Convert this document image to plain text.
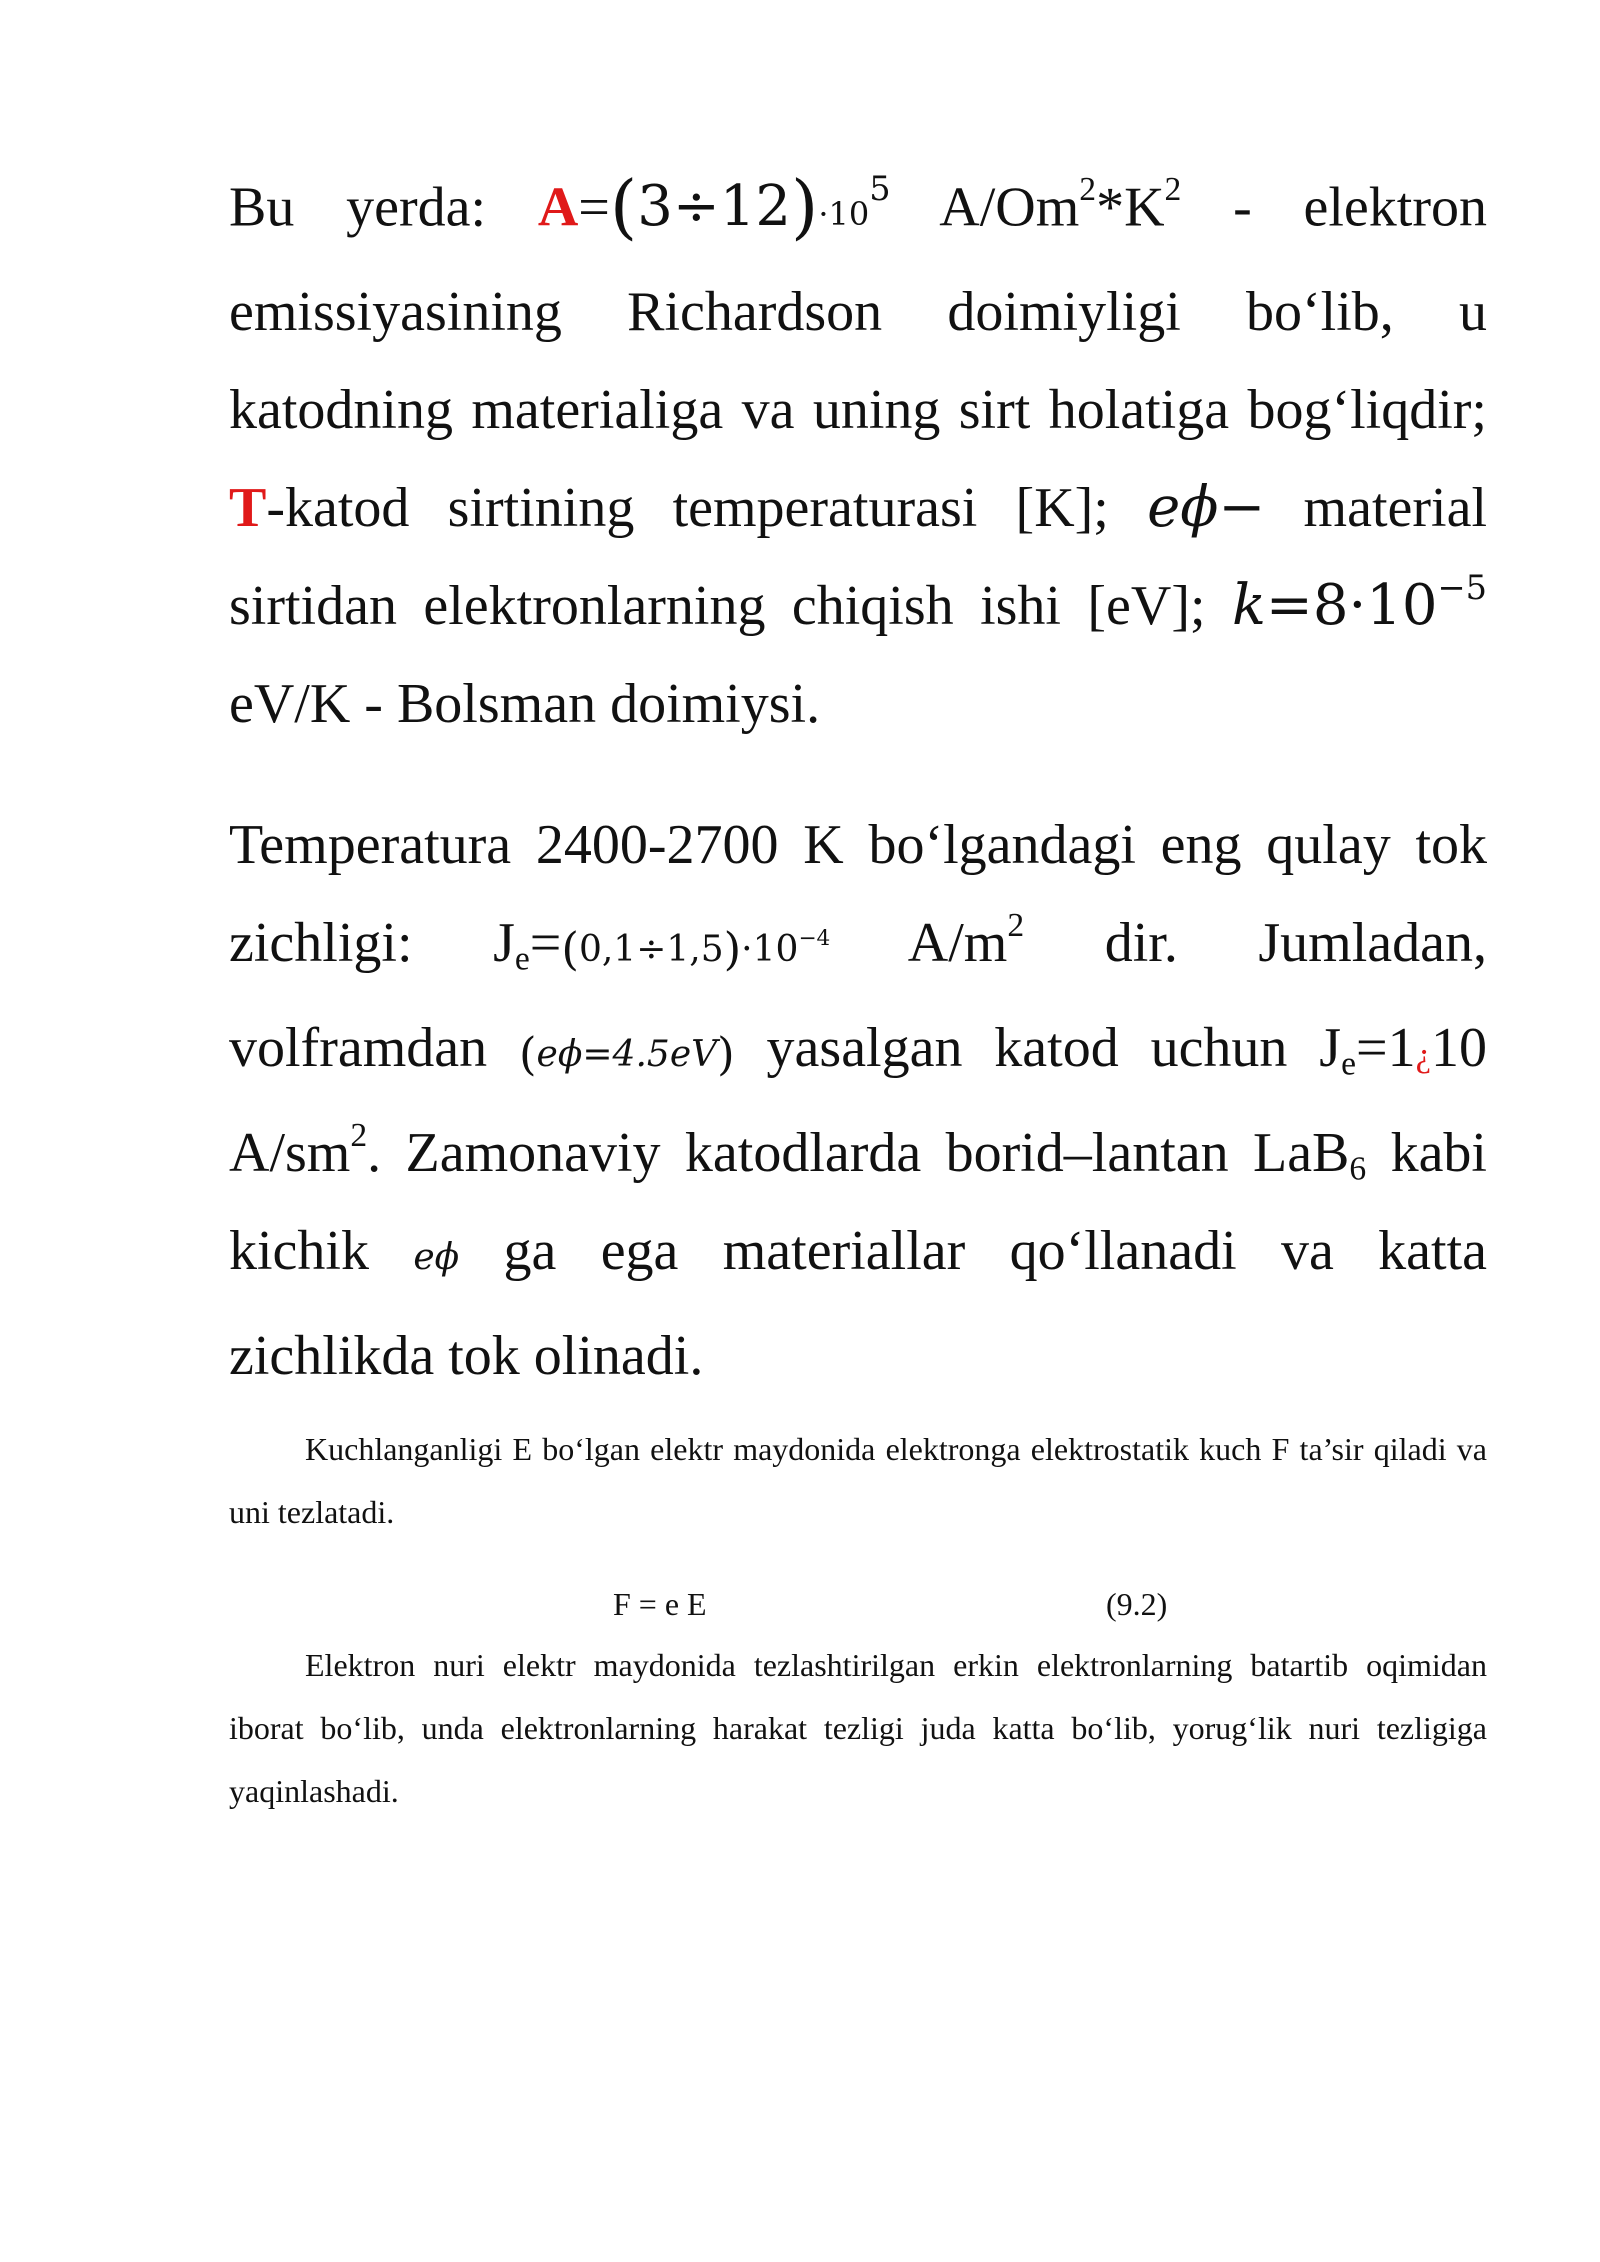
Bu yerda: $A=(3\div 12)\cdot 10^5$ $A/Om^2*K^2$ - elektron emissiyasining Richardson doimiyligi bo‘lib, u katodning materialiga va uning sirt holatiga bog‘liqdir; T-katod sirtining temperaturasi [K]; eϕ− material sirtidan elektronlarning chiqish ishi [eV]; $k=8\cdot 10^{-5}$ eV/K - Bolsman doimiysi.

Temperatura 2400-2700 K bo‘lgandagi eng qulay tok zichligi: $J_e=(0,1\div 1,5)\cdot 10^{-4}$ $A/m^2$ dir. Jumladan, volframdan (eϕ=4.5eV) yasalgan katod uchun $J_e=1¿10$ $A/sm^2$. Zamonaviy katodlarda borid–lantan LaB$_6$ kabi kichik eϕ ga ega materiallar qo‘llanadi va katta zichlikda tok olinadi.

Kuchlanganligi E bo‘lgan elektr maydonida elektronga elektrostatik kuch F ta’sir qiladi va uni tezlatadi.

F = e E	(9.2)

Elektron nuri elektr maydonida tezlashtirilgan erkin elektronlarning batartib oqimidan iborat bo‘lib, unda elektronlarning harakat tezligi juda katta bo‘lib, yorug‘lik nuri tezligiga yaqinlashadi.
